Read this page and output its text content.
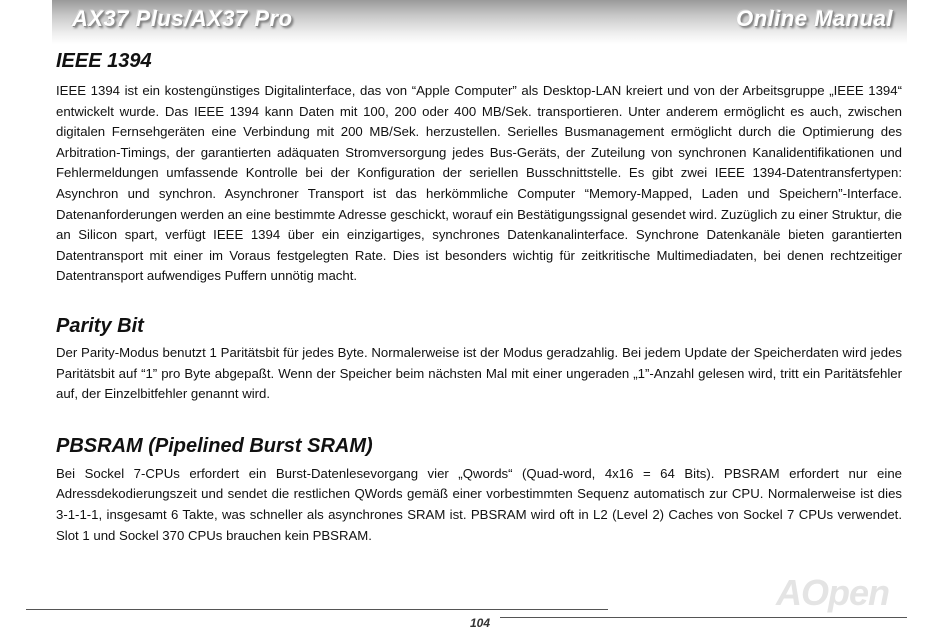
AX37 Plus/AX37 Pro	Online Manual
IEEE 1394

IEEE 1394 ist ein kostengünstiges Digitalinterface, das von “Apple Computer” als Desktop-LAN kreiert und von der Arbeitsgruppe „IEEE 1394“ entwickelt wurde. Das IEEE 1394 kann Daten mit 100, 200 oder 400 MB/Sek. transportieren. Unter anderem ermöglicht es auch, zwischen digitalen Fernsehgeräten eine Verbindung mit 200 MB/Sek. herzustellen. Serielles Busmanagement ermöglicht durch die Optimierung des Arbitration-Timings, der garantierten adäquaten Stromversorgung jedes Bus-Geräts, der Zuteilung von synchronen Kanalidentifikationen und Fehlermeldungen umfassende Kontrolle bei der Konfiguration der seriellen Busschnittstelle. Es gibt zwei IEEE 1394-Datentransfertypen: Asynchron und synchron. Asynchroner Transport ist das herkömmliche Computer “Memory-Mapped, Laden und Speichern”-Interface. Datenanforderungen werden an eine bestimmte Adresse geschickt, worauf ein Bestätigungssignal gesendet wird. Zuzüglich zu einer Struktur, die an Silicon spart, verfügt IEEE 1394 über ein einzigartiges, synchrones Datenkanalinterface. Synchrone Datenkanäle bieten garantierten Datentransport mit einer im Voraus festgelegten Rate. Dies ist besonders wichtig für zeitkritische Multimediadaten, bei denen rechtzeitiger Datentransport aufwendiges Puffern unnötig macht.

Parity Bit

Der Parity-Modus benutzt 1 Paritätsbit für jedes Byte. Normalerweise ist der Modus geradzahlig. Bei jedem Update der Speicherdaten wird jedes Paritätsbit auf “1” pro Byte abgepaßt. Wenn der Speicher beim nächsten Mal mit einer ungeraden „1”-Anzahl gelesen wird, tritt ein Paritätsfehler auf, der Einzelbitfehler genannt wird.

PBSRAM (Pipelined Burst SRAM)

Bei Sockel 7-CPUs erfordert ein Burst-Datenlesevorgang vier „Qwords“ (Quad-word, 4x16 = 64 Bits). PBSRAM erfordert nur eine Adressdekodierungszeit und sendet die restlichen QWords gemäß einer vorbestimmten Sequenz automatisch zur CPU. Normalerweise ist dies 3-1-1-1, insgesamt 6 Takte, was schneller als asynchrones SRAM ist. PBSRAM wird oft in L2 (Level 2) Caches von Sockel 7 CPUs verwendet. Slot 1 und Sockel 370 CPUs brauchen kein PBSRAM.

AOpen
104
